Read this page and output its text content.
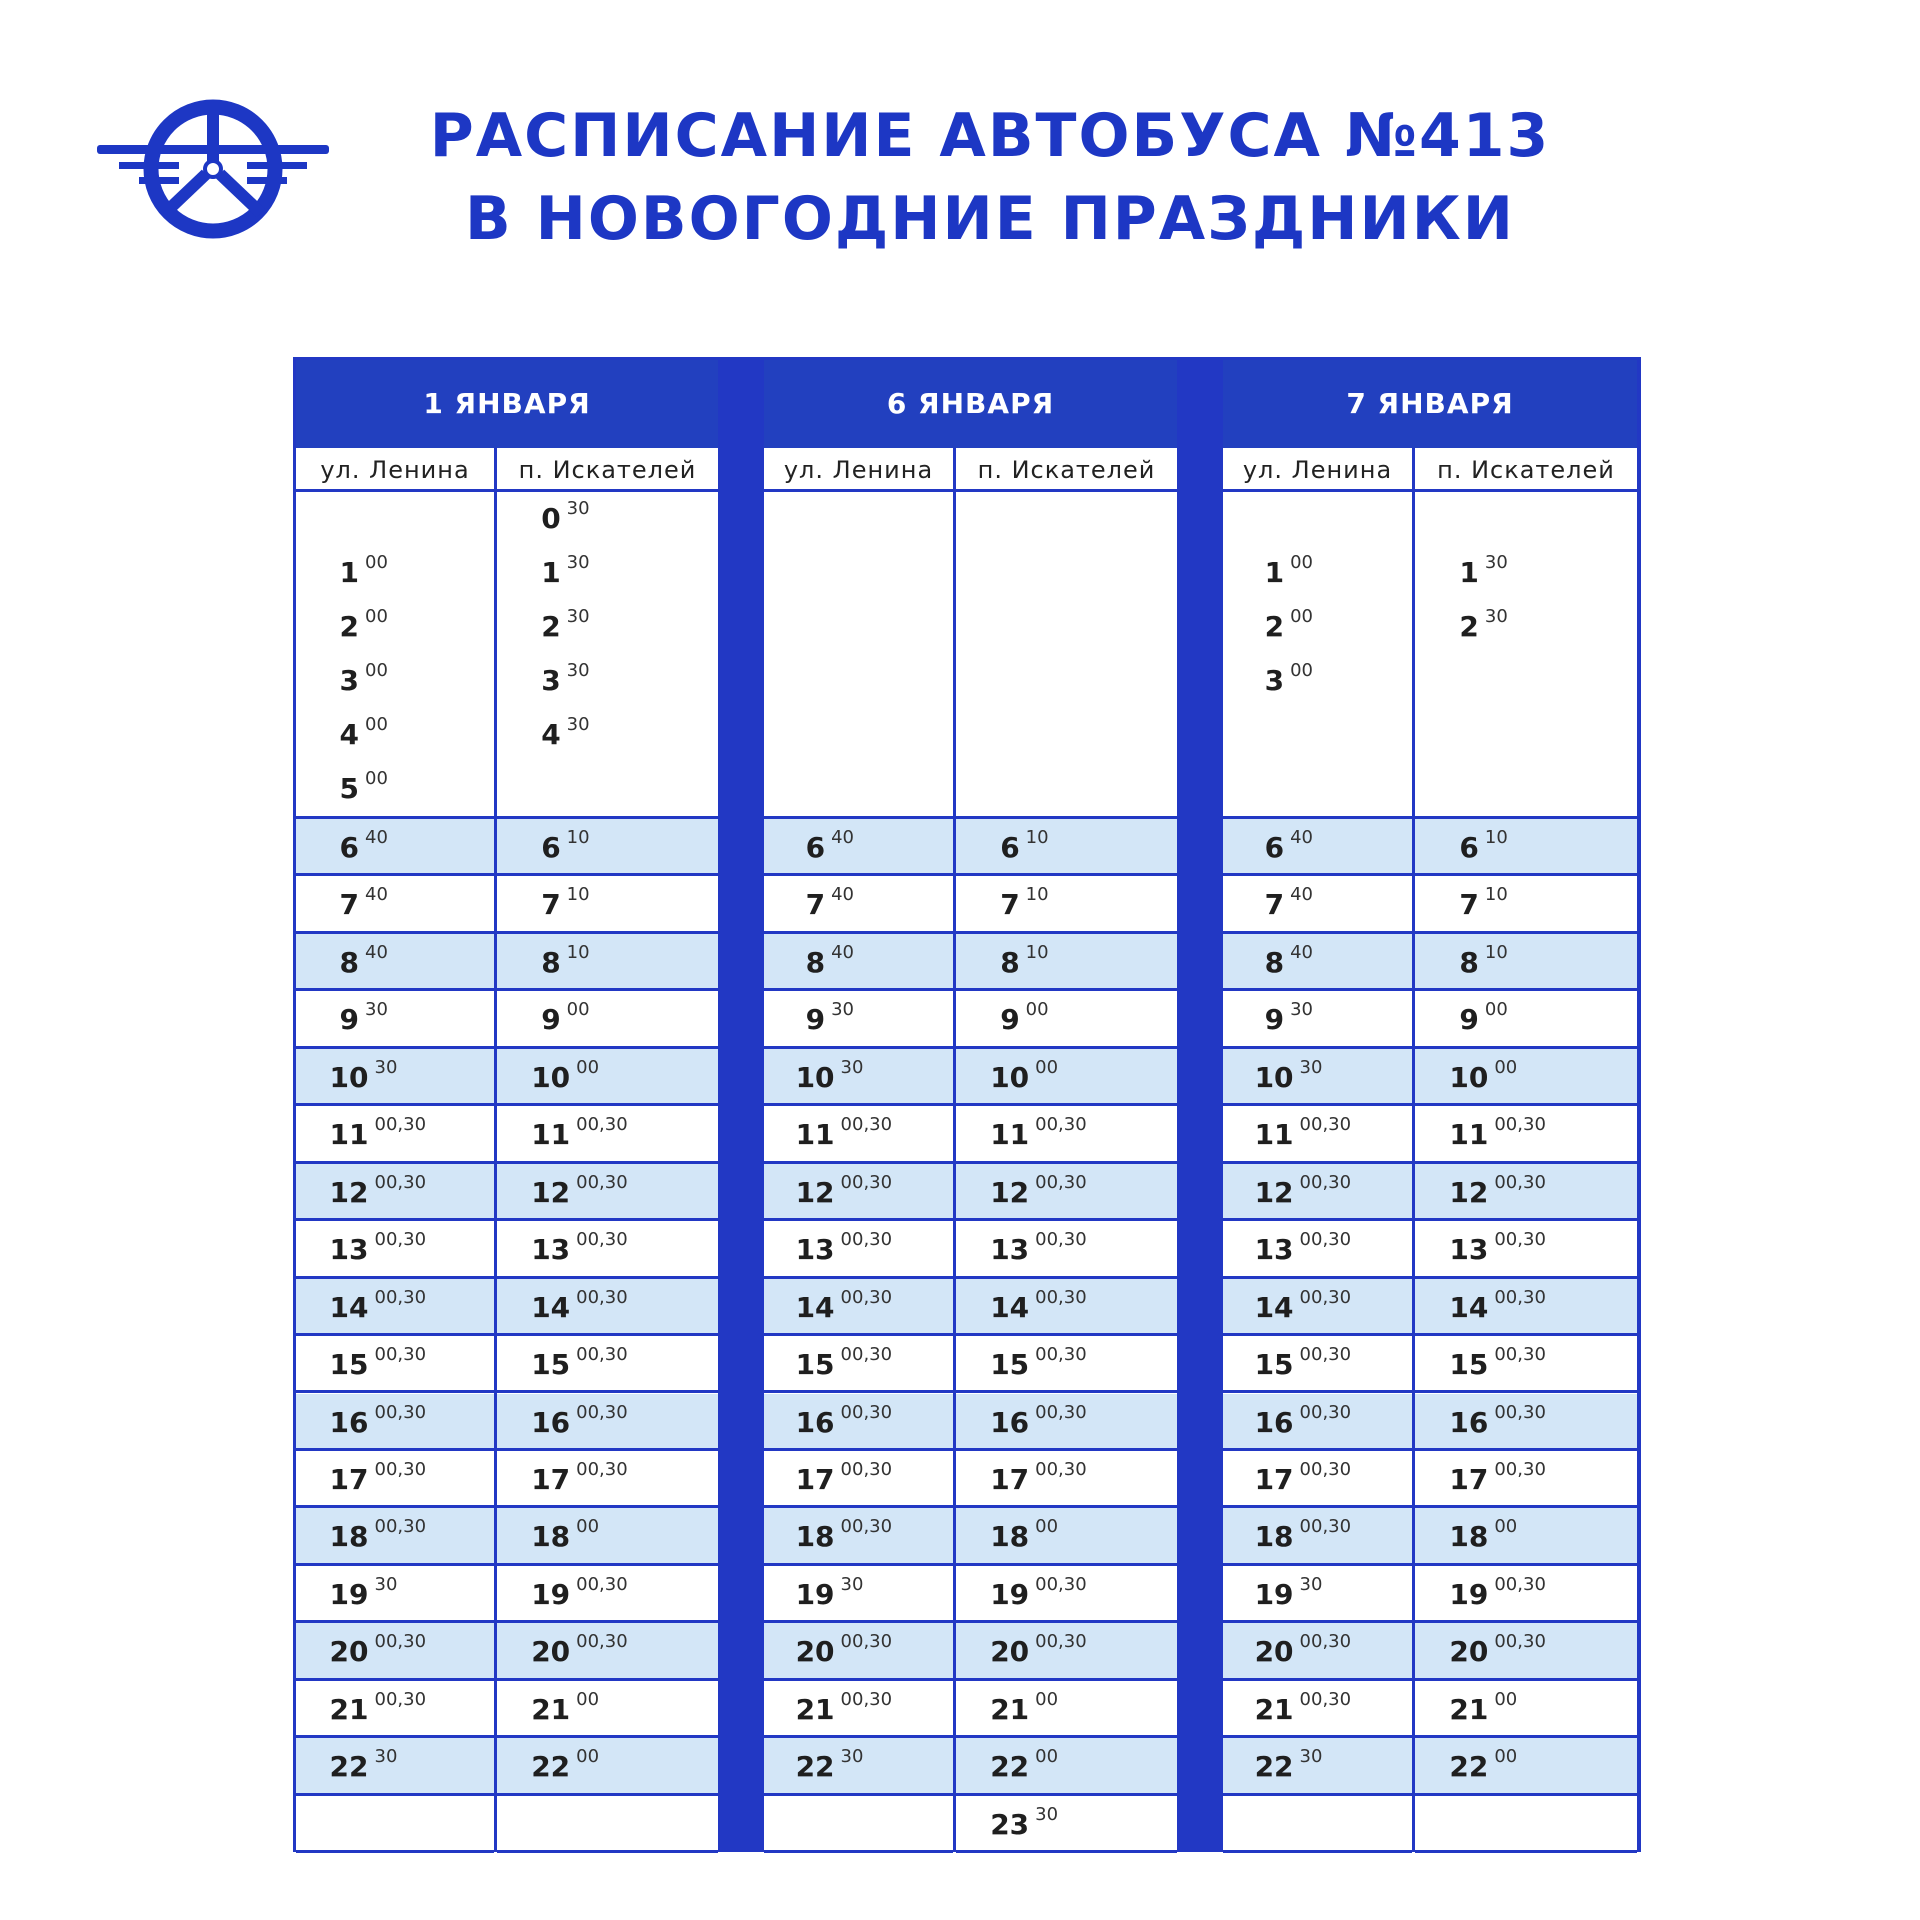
РАСПИСАНИЕ АВТОБУСА №413
В НОВОГОДНИЕ ПРАЗДНИКИ
1 ЯНВАРЯ
ул. Ленина
1 00
2 00
3 00
4 00
5 00
6 40
7 40
8 40
9 30
10 30
11 00,30
12 00,30
13 00,30
14 00,30
15 00,30
16 00,30
17 00,30
18 00,30
19 30
20 00,30
21 00,30
22 30
п. Искателей
0 30
1 30
2 30
3 30
4 30
6 10
7 10
8 10
9 00
10 00
11 00,30
12 00,30
13 00,30
14 00,30
15 00,30
16 00,30
17 00,30
18 00
19 00,30
20 00,30
21 00
22 00
6 ЯНВАРЯ
ул. Ленина
6 40
7 40
8 40
9 30
10 30
11 00,30
12 00,30
13 00,30
14 00,30
15 00,30
16 00,30
17 00,30
18 00,30
19 30
20 00,30
21 00,30
22 30
п. Искателей
6 10
7 10
8 10
9 00
10 00
11 00,30
12 00,30
13 00,30
14 00,30
15 00,30
16 00,30
17 00,30
18 00
19 00,30
20 00,30
21 00
22 00
23 30
7 ЯНВАРЯ
ул. Ленина
1 00
2 00
3 00
6 40
7 40
8 40
9 30
10 30
11 00,30
12 00,30
13 00,30
14 00,30
15 00,30
16 00,30
17 00,30
18 00,30
19 30
20 00,30
21 00,30
22 30
п. Искателей
1 30
2 30
6 10
7 10
8 10
9 00
10 00
11 00,30
12 00,30
13 00,30
14 00,30
15 00,30
16 00,30
17 00,30
18 00
19 00,30
20 00,30
21 00
22 00
